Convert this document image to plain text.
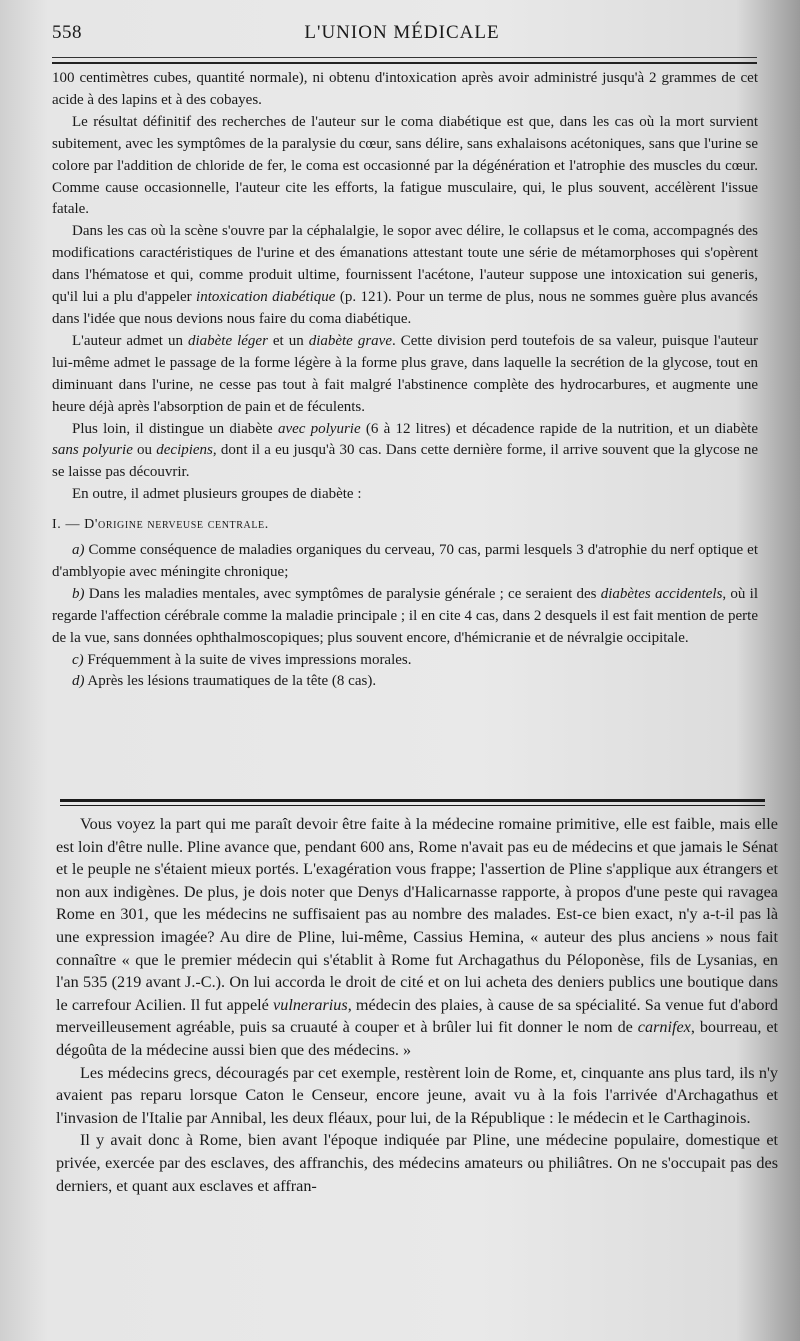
558	L'UNION MÉDICALE

100 centimètres cubes, quantité normale), ni obtenu d'intoxication après avoir administré jusqu'à 2 grammes de cet acide à des lapins et à des cobayes.

Le résultat définitif des recherches de l'auteur sur le coma diabétique est que, dans les cas où la mort survient subitement, avec les symptômes de la paralysie du cœur, sans délire, sans exhalaisons acétoniques, sans que l'urine se colore par l'addition de chloride de fer, le coma est occasionné par la dégénération et l'atrophie des muscles du cœur. Comme cause occasionnelle, l'auteur cite les efforts, la fatigue musculaire, qui, le plus souvent, accélèrent l'issue fatale.

Dans les cas où la scène s'ouvre par la céphalalgie, le sopor avec délire, le collapsus et le coma, accompagnés des modifications caractéristiques de l'urine et des émanations attestant toute une série de métamorphoses qui s'opèrent dans l'hématose et qui, comme produit ultime, fournissent l'acétone, l'auteur suppose une intoxication sui generis, qu'il lui a plu d'appeler intoxication diabétique (p. 121). Pour un terme de plus, nous ne sommes guère plus avancés dans l'idée que nous devions nous faire du coma diabétique.

L'auteur admet un diabète léger et un diabète grave. Cette division perd toutefois de sa valeur, puisque l'auteur lui-même admet le passage de la forme légère à la forme plus grave, dans laquelle la secrétion de la glycose, tout en diminuant dans l'urine, ne cesse pas tout à fait malgré l'abstinence complète des hydrocarbures, et augmente une heure déjà après l'absorption de pain et de féculents.

Plus loin, il distingue un diabète avec polyurie (6 à 12 litres) et décadence rapide de la nutrition, et un diabète sans polyurie ou decipiens, dont il a eu jusqu'à 30 cas. Dans cette dernière forme, il arrive souvent que la glycose ne se laisse pas découvrir.

En outre, il admet plusieurs groupes de diabète :

I. — D'origine nerveuse centrale.

a) Comme conséquence de maladies organiques du cerveau, 70 cas, parmi lesquels 3 d'atrophie du nerf optique et d'amblyopie avec méningite chronique;

b) Dans les maladies mentales, avec symptômes de paralysie générale ; ce seraient des diabètes accidentels, où il regarde l'affection cérébrale comme la maladie principale ; il en cite 4 cas, dans 2 desquels il est fait mention de perte de la vue, sans données ophthalmoscopiques; plus souvent encore, d'hémicranie et de névralgie occipitale.

c) Fréquemment à la suite de vives impressions morales.

d) Après les lésions traumatiques de la tête (8 cas).

Vous voyez la part qui me paraît devoir être faite à la médecine romaine primitive, elle est faible, mais elle est loin d'être nulle. Pline avance que, pendant 600 ans, Rome n'avait pas eu de médecins et que jamais le Sénat et le peuple ne s'étaient mieux portés. L'exagération vous frappe; l'assertion de Pline s'applique aux étrangers et non aux indigènes. De plus, je dois noter que Denys d'Halicarnasse rapporte, à propos d'une peste qui ravagea Rome en 301, que les médecins ne suffisaient pas au nombre des malades. Est-ce bien exact, n'y a-t-il pas là une expression imagée? Au dire de Pline, lui-même, Cassius Hemina, « auteur des plus anciens » nous fait connaître « que le premier médecin qui s'établit à Rome fut Archagathus du Péloponèse, fils de Lysanias, en l'an 535 (219 avant J.-C.). On lui accorda le droit de cité et on lui acheta des deniers publics une boutique dans le carrefour Acilien. Il fut appelé vulnerarius, médecin des plaies, à cause de sa spécialité. Sa venue fut d'abord merveilleusement agréable, puis sa cruauté à couper et à brûler lui fit donner le nom de carnifex, bourreau, et dégoûta de la médecine aussi bien que des médecins. »

Les médecins grecs, découragés par cet exemple, restèrent loin de Rome, et, cinquante ans plus tard, ils n'y avaient pas reparu lorsque Caton le Censeur, encore jeune, avait vu à la fois l'arrivée d'Archagathus et l'invasion de l'Italie par Annibal, les deux fléaux, pour lui, de la République : le médecin et le Carthaginois.

Il y avait donc à Rome, bien avant l'époque indiquée par Pline, une médecine populaire, domestique et privée, exercée par des esclaves, des affranchis, des médecins amateurs ou philiâtres. On ne s'occupait pas des derniers, et quant aux esclaves et affran-
